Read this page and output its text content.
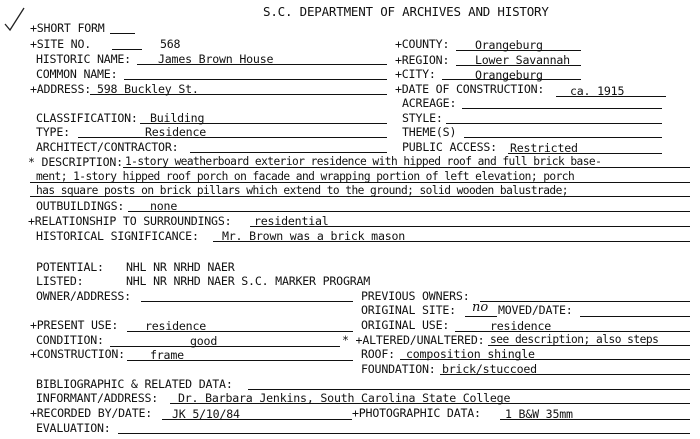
S.C. DEPARTMENT OF ARCHIVES AND HISTORY
+SHORT FORM
+SITE NO.	568	+COUNTY: Orangeburg
HISTORIC NAME: James Brown House	+REGION: Lower Savannah
COMMON NAME:	+CITY:	Orangeburg
+ADDRESS: 598 Buckley St.	+DATE OF CONSTRUCTION: ca. 1915
ACREAGE:
CLASSIFICATION: Building	STYLE:
TYPE:	Residence	THEME(S)
ARCHITECT/CONTRACTOR:	PUBLIC ACCESS: Restricted
* DESCRIPTION: 1-story weatherboard exterior residence with hipped roof and full brick base-
ment; 1-story hipped roof porch on facade and wrapping portion of left elevation; porch
has square posts on brick pillars which extend to the ground; solid wooden balustrade;
OUTBUILDINGS: none
+RELATIONSHIP TO SURROUNDINGS: residential
HISTORICAL SIGNIFICANCE: Mr. Brown was a brick mason
POTENTIAL: NHL NR NRHD NAER
LISTED:	NHL NR NRHD NAER S.C. MARKER PROGRAM
OWNER/ADDRESS:	PREVIOUS OWNERS:
ORIGINAL SITE: no MOVED/DATE:
+PRESENT USE: residence	ORIGINAL USE:	residence
CONDITION:	good	* +ALTERED/UNALTERED: see description; also steps
+CONSTRUCTION: frame	ROOF: composition shingle
FOUNDATION: brick/stuccoed
BIBLIOGRAPHIC & RELATED DATA:
INFORMANT/ADDRESS: Dr. Barbara Jenkins, South Carolina State College
+RECORDED BY/DATE: JK 5/10/84	+PHOTOGRAPHIC DATA: 1 B&W 35mm
EVALUATION:
